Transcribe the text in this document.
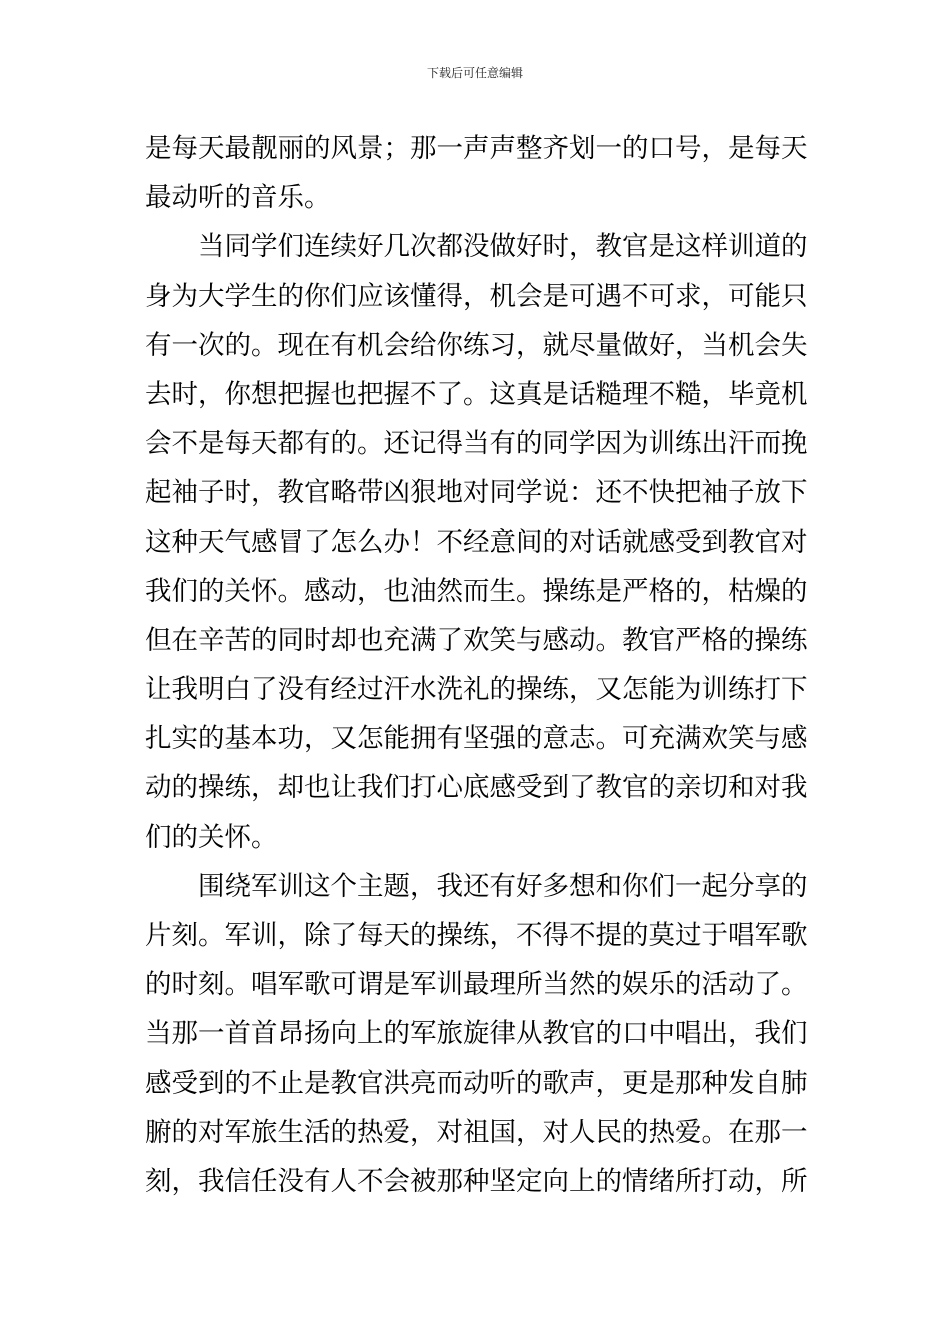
下载后可任意编辑
是每天最靓丽的风景；那一声声整齐划一的口号，是每天
最动听的音乐。
当同学们连续好几次都没做好时，教官是这样训道的
身为大学生的你们应该懂得，机会是可遇不可求，可能只
有一次的。现在有机会给你练习，就尽量做好，当机会失
去时，你想把握也把握不了。这真是话糙理不糙，毕竟机
会不是每天都有的。还记得当有的同学因为训练出汗而挽
起袖子时，教官略带凶狠地对同学说：还不快把袖子放下
这种天气感冒了怎么办！不经意间的对话就感受到教官对
我们的关怀。感动，也油然而生。操练是严格的，枯燥的
但在辛苦的同时却也充满了欢笑与感动。教官严格的操练
让我明白了没有经过汗水洗礼的操练，又怎能为训练打下
扎实的基本功，又怎能拥有坚强的意志。可充满欢笑与感
动的操练，却也让我们打心底感受到了教官的亲切和对我
们的关怀。
围绕军训这个主题，我还有好多想和你们一起分享的
片刻。军训，除了每天的操练，不得不提的莫过于唱军歌
的时刻。唱军歌可谓是军训最理所当然的娱乐的活动了。
当那一首首昂扬向上的军旅旋律从教官的口中唱出，我们
感受到的不止是教官洪亮而动听的歌声，更是那种发自肺
腑的对军旅生活的热爱，对祖国，对人民的热爱。在那一
刻，我信任没有人不会被那种坚定向上的情绪所打动，所
